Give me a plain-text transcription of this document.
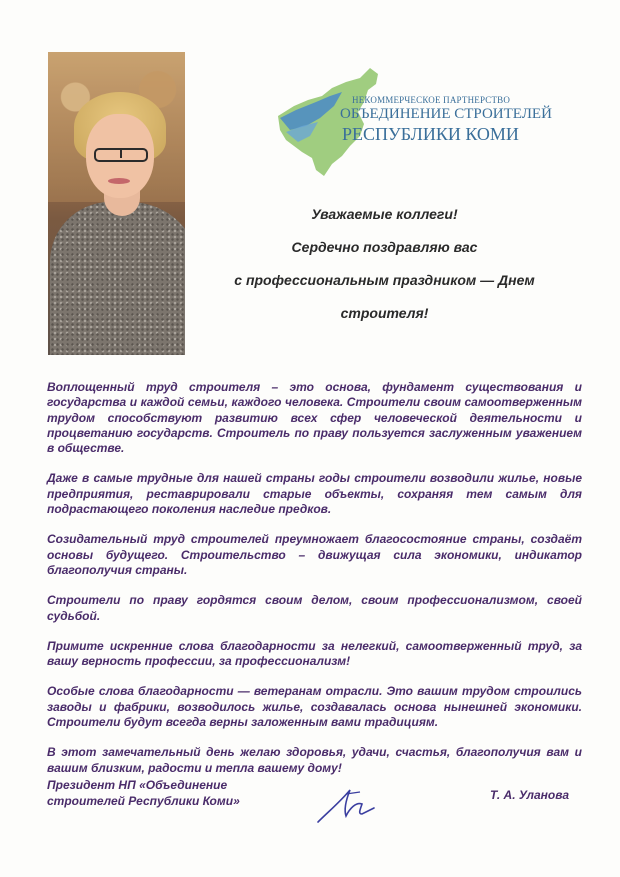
НЕКОММЕРЧЕСКОЕ ПАРТНЕРСТВО
ОБЪЕДИНЕНИЕ СТРОИТЕЛЕЙ
РЕСПУБЛИКИ КОМИ
Уважаемые коллеги!
Сердечно поздравляю вас
с профессиональным праздником — Днем
строителя!

Воплощенный труд строителя – это основа, фундамент существования и государства и каждой семьи, каждого человека. Строители своим самоотверженным трудом способствуют развитию всех сфер человеческой деятельности и процветанию государств. Строитель по праву пользуется заслуженным уважением в обществе.

Даже в самые трудные для нашей страны годы строители возводили жилье, новые предприятия, реставрировали старые объекты, сохраняя тем самым для подрастающего поколения наследие предков.

Созидательный труд строителей преумножает благосостояние страны, создаёт основы будущего. Строительство – движущая сила экономики, индикатор благополучия страны.

Строители по праву гордятся своим делом, своим профессионализмом, своей судьбой.

Примите искренние слова благодарности за нелегкий, самоотверженный труд, за вашу верность профессии, за профессионализм!

Особые слова благодарности — ветеранам отрасли. Это вашим трудом строились заводы и фабрики, возводилось жилье, создавалась основа нынешней экономики. Строители будут всегда верны заложенным вами традициям.

В этот замечательный день желаю здоровья, удачи, счастья, благополучия вам и вашим близким, радости и тепла вашему дому!

Президент НП «Объединение
строителей Республики Коми»	Т. А. Уланова
